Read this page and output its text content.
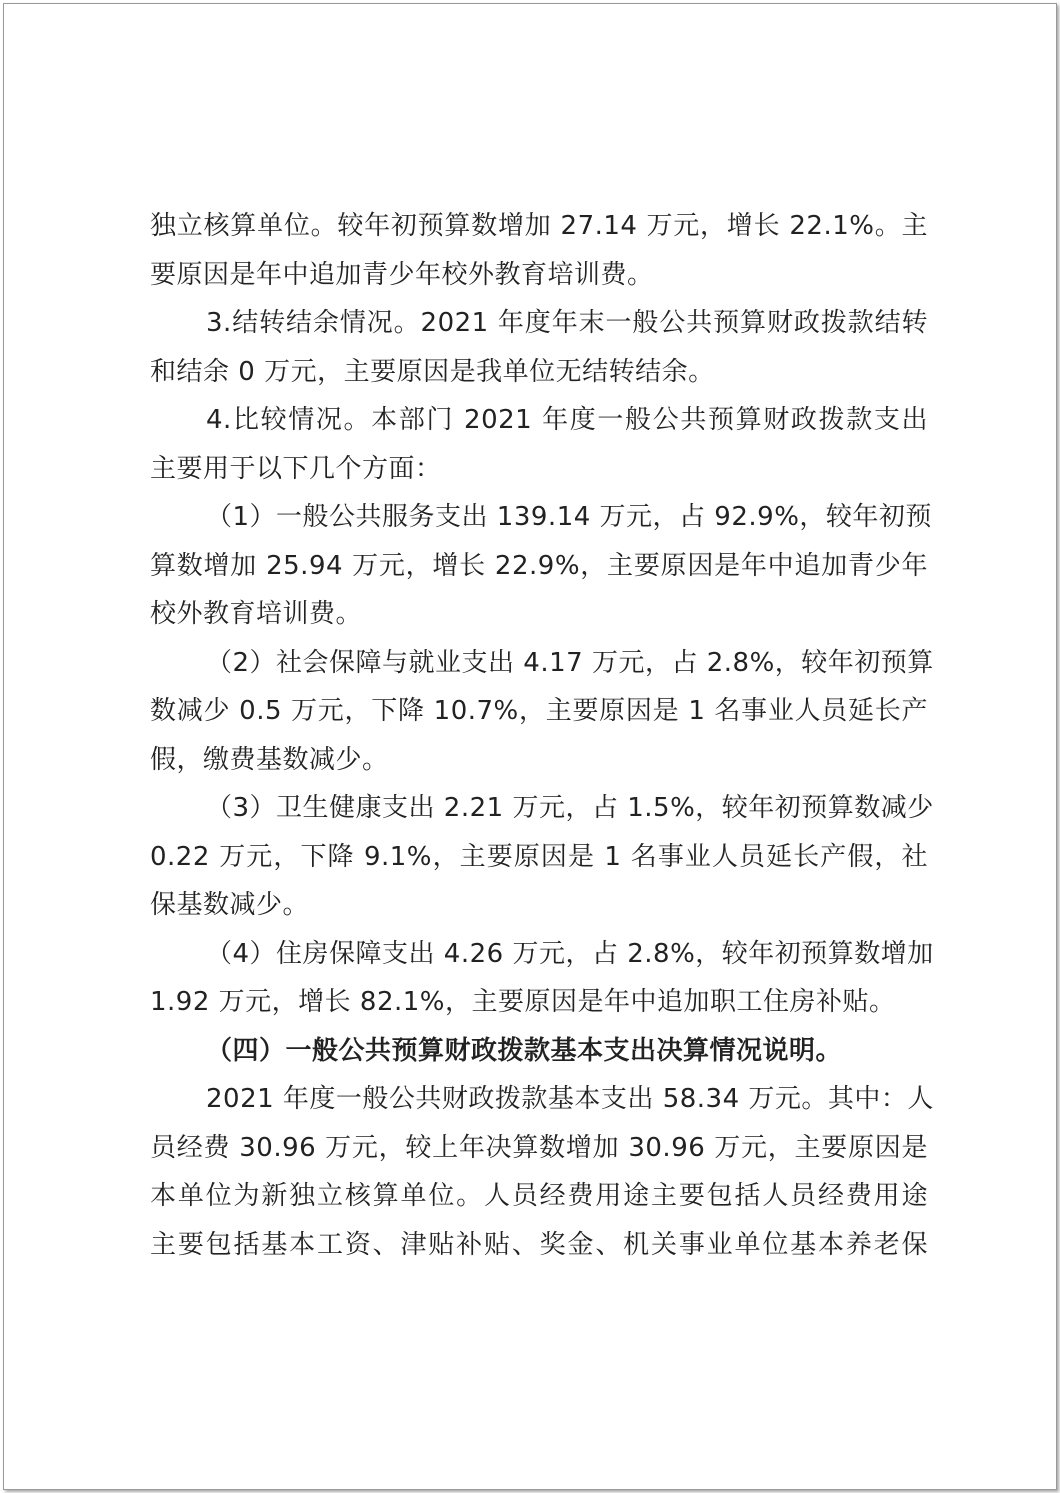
独立核算单位。较年初预算数增加 27.14 万元，增长 22.1%。主
要原因是年中追加青少年校外教育培训费。
3.结转结余情况。2021 年度年末一般公共预算财政拨款结转
和结余 0 万元，主要原因是我单位无结转结余。
4.比较情况。本部门 2021 年度一般公共预算财政拨款支出
主要用于以下几个方面：
（1）一般公共服务支出 139.14 万元，占 92.9%，较年初预
算数增加 25.94 万元，增长 22.9%，主要原因是年中追加青少年
校外教育培训费。
（2）社会保障与就业支出 4.17 万元，占 2.8%，较年初预算
数减少 0.5 万元，下降 10.7%，主要原因是 1 名事业人员延长产
假，缴费基数减少。
（3）卫生健康支出 2.21 万元，占 1.5%，较年初预算数减少
0.22 万元，下降 9.1%，主要原因是 1 名事业人员延长产假，社
保基数减少。
（4）住房保障支出 4.26 万元，占 2.8%，较年初预算数增加
1.92 万元，增长 82.1%，主要原因是年中追加职工住房补贴。
（四）一般公共预算财政拨款基本支出决算情况说明。
2021 年度一般公共财政拨款基本支出 58.34 万元。其中：人
员经费 30.96 万元，较上年决算数增加 30.96 万元，主要原因是
本单位为新独立核算单位。人员经费用途主要包括人员经费用途
主要包括基本工资、津贴补贴、奖金、机关事业单位基本养老保
